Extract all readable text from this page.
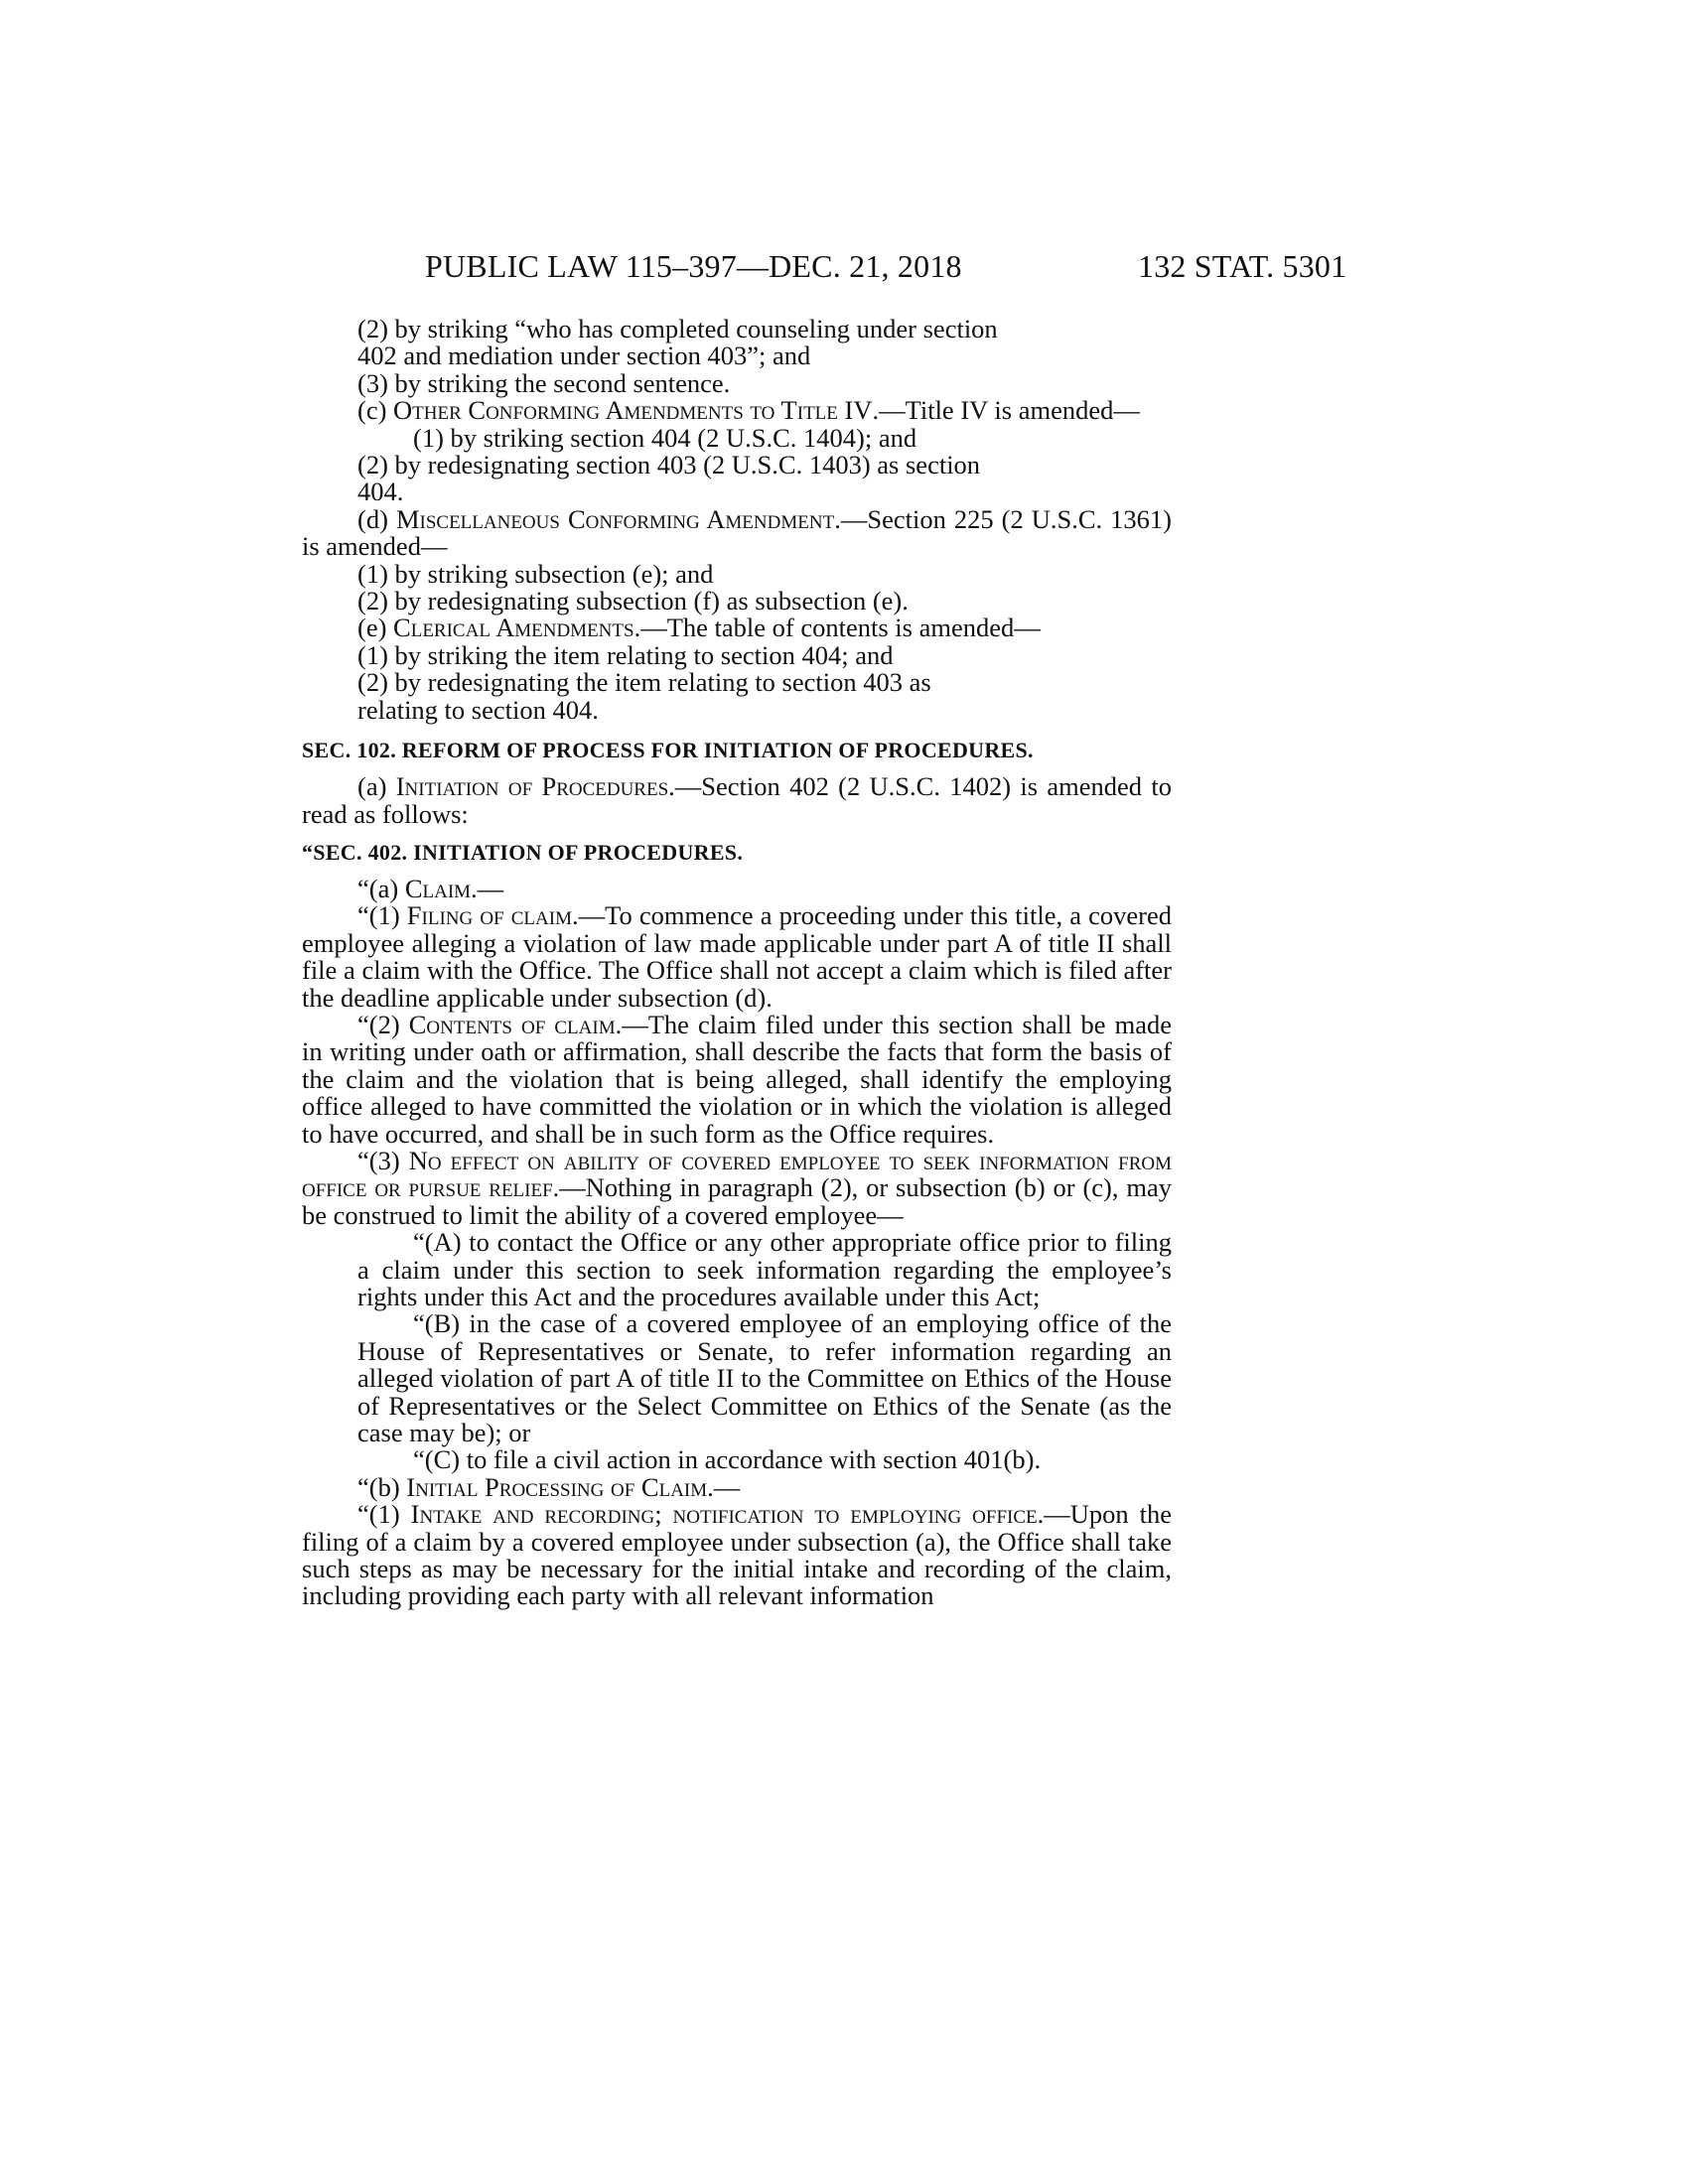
PUBLIC LAW 115–397—DEC. 21, 2018	132 STAT. 5301

(2) by striking “who has completed counseling under section

402 and mediation under section 403”; and

(3) by striking the second sentence.

(c) Other Conforming Amendments to Title IV.—Title IV is amended—

(1) by striking section 404 (2 U.S.C. 1404); and

(2) by redesignating section 403 (2 U.S.C. 1403) as section

404.

(d) Miscellaneous Conforming Amendment.—Section 225 (2 U.S.C. 1361) is amended—

(1) by striking subsection (e); and

(2) by redesignating subsection (f) as subsection (e).

(e) Clerical Amendments.—The table of contents is amended—

(1) by striking the item relating to section 404; and

(2) by redesignating the item relating to section 403 as

relating to section 404.

SEC. 102. REFORM OF PROCESS FOR INITIATION OF PROCEDURES.

(a) Initiation of Procedures.—Section 402 (2 U.S.C. 1402) is amended to read as follows:

“SEC. 402. INITIATION OF PROCEDURES.

“(a) Claim.—

“(1) Filing of claim.—To commence a proceeding under this title, a covered employee alleging a violation of law made applicable under part A of title II shall file a claim with the Office. The Office shall not accept a claim which is filed after the deadline applicable under subsection (d).

“(2) Contents of claim.—The claim filed under this section shall be made in writing under oath or affirmation, shall describe the facts that form the basis of the claim and the violation that is being alleged, shall identify the employing office alleged to have committed the violation or in which the violation is alleged to have occurred, and shall be in such form as the Office requires.

“(3) No effect on ability of covered employee to seek information from office or pursue relief.—Nothing in paragraph (2), or subsection (b) or (c), may be construed to limit the ability of a covered employee—

“(A) to contact the Office or any other appropriate office prior to filing a claim under this section to seek information regarding the employee’s rights under this Act and the procedures available under this Act;

“(B) in the case of a covered employee of an employing office of the House of Representatives or Senate, to refer information regarding an alleged violation of part A of title II to the Committee on Ethics of the House of Representatives or the Select Committee on Ethics of the Senate (as the case may be); or

“(C) to file a civil action in accordance with section 401(b).

“(b) Initial Processing of Claim.—

“(1) Intake and recording; notification to employing office.—Upon the filing of a claim by a covered employee under subsection (a), the Office shall take such steps as may be necessary for the initial intake and recording of the claim, including providing each party with all relevant information
